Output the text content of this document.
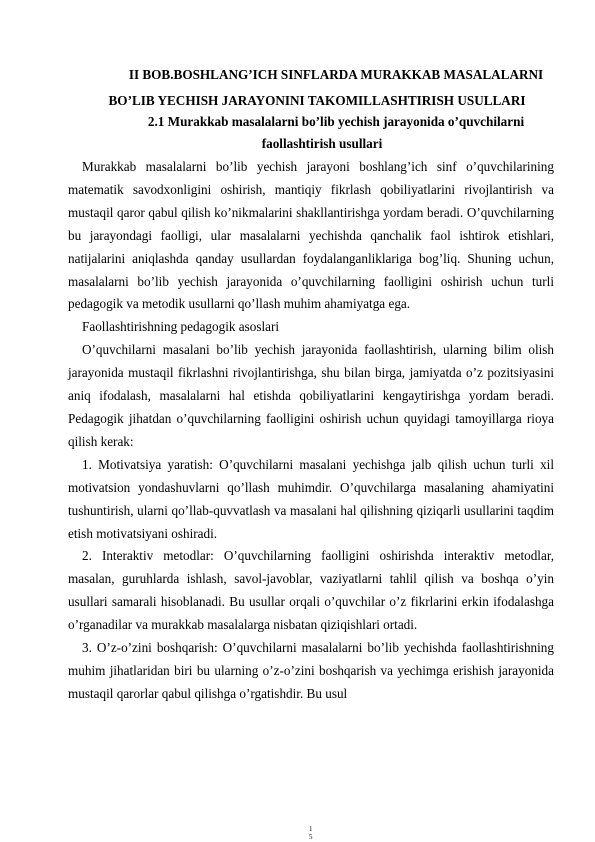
II BOB.BOSHLANG’ICH SINFLARDA MURAKKAB MASALALARNI
BO’LIB YECHISH JARAYONINI TAKOMILLASHTIRISH USULLARI
2.1 Murakkab masalalarni bo’lib yechish jarayonida o’quvchilarni
faollashtirish usullari

Murakkab masalalarni bo’lib yechish jarayoni boshlang’ich sinf o’quvchilarining matematik savodxonligini oshirish, mantiqiy fikrlash qobiliyatlarini rivojlantirish va mustaqil qaror qabul qilish ko’nikmalarini shakllantirishga yordam beradi. O’quvchilarning bu jarayondagi faolligi, ular masalalarni yechishda qanchalik faol ishtirok etishlari, natijalarini aniqlashda qanday usullardan foydalanganliklariga bog’liq. Shuning uchun, masalalarni bo’lib yechish jarayonida o’quvchilarning faolligini oshirish uchun turli pedagogik va metodik usullarni qo’llash muhim ahamiyatga ega.

Faollashtirishning pedagogik asoslari

O’quvchilarni masalani bo’lib yechish jarayonida faollashtirish, ularning bilim olish jarayonida mustaqil fikrlashni rivojlantirishga, shu bilan birga, jamiyatda o’z pozitsiyasini aniq ifodalash, masalalarni hal etishda qobiliyatlarini kengaytirishga yordam beradi. Pedagogik jihatdan o’quvchilarning faolligini oshirish uchun quyidagi tamoyillarga rioya qilish kerak:

1. Motivatsiya yaratish: O’quvchilarni masalani yechishga jalb qilish uchun turli xil motivatsion yondashuvlarni qo’llash muhimdir. O’quvchilarga masalaning ahamiyatini tushuntirish, ularni qo’llab-quvvatlash va masalani hal qilishning qiziqarli usullarini taqdim etish motivatsiyani oshiradi.

2. Interaktiv metodlar: O’quvchilarning faolligini oshirishda interaktiv metodlar, masalan, guruhlarda ishlash, savol-javoblar, vaziyatlarni tahlil qilish va boshqa o’yin usullari samarali hisoblanadi. Bu usullar orqali o’quvchilar o’z fikrlarini erkin ifodalashga o’rganadilar va murakkab masalalarga nisbatan qiziqishlari ortadi.

3. O’z-o’zini boshqarish: O’quvchilarni masalalarni bo’lib yechishda faollashtirishning muhim jihatlaridan biri bu ularning o’z-o’zini boshqarish va yechimga erishish jarayonida mustaqil qarorlar qabul qilishga o’rgatishdir. Bu usul

1
5
